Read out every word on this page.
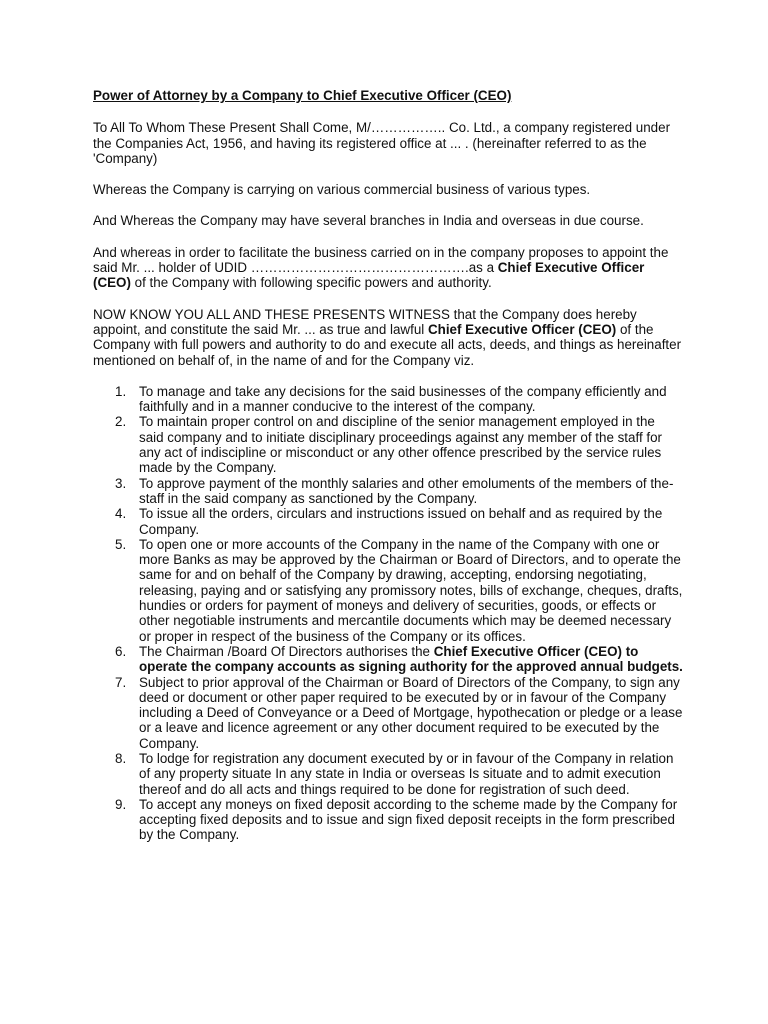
Power of Attorney by a Company to Chief Executive Officer (CEO)
To All To Whom These Present Shall Come, M/…………….. Co. Ltd., a company registered under the Companies Act, 1956, and having its registered office at ... . (hereinafter referred to as the 'Company)
Whereas the Company is carrying on various commercial business of various types.
And Whereas the Company may have several branches in India and overseas in due course.
And whereas in order to facilitate the business carried on in the company proposes to appoint the said Mr. ... holder of UDID ………………………………………….as a Chief Executive Officer (CEO) of the Company with following specific powers and authority.
NOW KNOW YOU ALL AND THESE PRESENTS WITNESS that the Company does hereby appoint, and constitute the said Mr. ... as true and lawful Chief Executive Officer (CEO) of the Company with full powers and authority to do and execute all acts, deeds, and things as hereinafter mentioned on behalf of, in the name of and for the Company viz.
1. To manage and take any decisions for the said businesses of the company efficiently and faithfully and in a manner conducive to the interest of the company.
2. To maintain proper control on and discipline of the senior management employed in the said company and to initiate disciplinary proceedings against any member of the staff for any act of indiscipline or misconduct or any other offence prescribed by the service rules made by the Company.
3. To approve payment of the monthly salaries and other emoluments of the members of the-staff in the said company as sanctioned by the Company.
4. To issue all the orders, circulars and instructions issued on behalf and as required by the Company.
5. To open one or more accounts of the Company in the name of the Company with one or more Banks as may be approved by the Chairman or Board of Directors, and to operate the same for and on behalf of the Company by drawing, accepting, endorsing negotiating, releasing, paying and or satisfying any promissory notes, bills of exchange, cheques, drafts, hundies or orders for payment of moneys and delivery of securities, goods, or effects or other negotiable instruments and mercantile documents which may be deemed necessary or proper in respect of the business of the Company or its offices.
6. The Chairman /Board Of Directors authorises the Chief Executive Officer (CEO) to operate the company accounts as signing authority for the approved annual budgets.
7. Subject to prior approval of the Chairman or Board of Directors of the Company, to sign any deed or document or other paper required to be executed by or in favour of the Company including a Deed of Conveyance or a Deed of Mortgage, hypothecation or pledge or a lease or a leave and licence agreement or any other document required to be executed by the Company.
8. To lodge for registration any document executed by or in favour of the Company in relation of any property situate In any state in India or overseas Is situate and to admit execution thereof and do all acts and things required to be done for registration of such deed.
9. To accept any moneys on fixed deposit according to the scheme made by the Company for accepting fixed deposits and to issue and sign fixed deposit receipts in the form prescribed by the Company.
